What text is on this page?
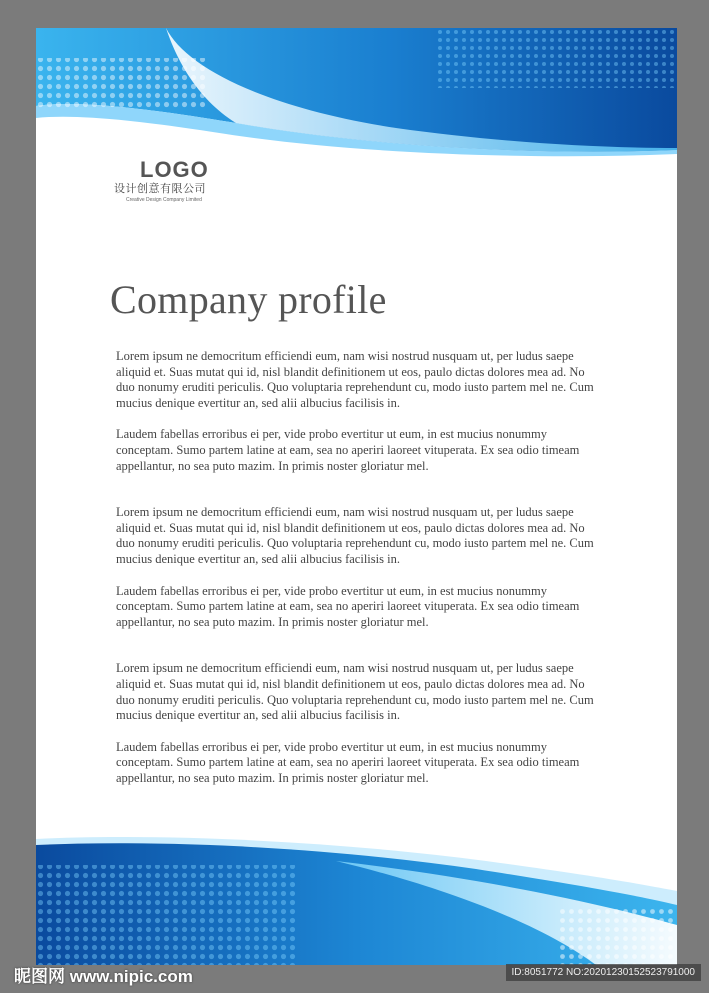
LOGO
设计创意有限公司
Creative Design Company Limited
Company profile

Lorem ipsum ne democritum efficiendi eum, nam wisi nostrud nusquam ut, per ludus saepe aliquid et. Suas mutat qui id, nisl blandit definitionem ut eos, paulo dictas dolores mea ad. No duo nonumy eruditi periculis. Quo voluptaria reprehendunt cu, modo iusto partem mel ne. Cum mucius denique evertitur an, sed alii albucius facilisis in.

Laudem fabellas erroribus ei per, vide probo evertitur ut eum, in est mucius nonummy conceptam. Sumo partem latine at eam, sea no aperiri laoreet vituperata. Ex sea odio timeam appellantur, no sea puto mazim. In primis noster gloriatur mel.

Lorem ipsum ne democritum efficiendi eum, nam wisi nostrud nusquam ut, per ludus saepe aliquid et. Suas mutat qui id, nisl blandit definitionem ut eos, paulo dictas dolores mea ad. No duo nonumy eruditi periculis. Quo voluptaria reprehendunt cu, modo iusto partem mel ne. Cum mucius denique evertitur an, sed alii albucius facilisis in.

Laudem fabellas erroribus ei per, vide probo evertitur ut eum, in est mucius nonummy conceptam. Sumo partem latine at eam, sea no aperiri laoreet vituperata. Ex sea odio timeam appellantur, no sea puto mazim. In primis noster gloriatur mel.

Lorem ipsum ne democritum efficiendi eum, nam wisi nostrud nusquam ut, per ludus saepe aliquid et. Suas mutat qui id, nisl blandit definitionem ut eos, paulo dictas dolores mea ad. No duo nonumy eruditi periculis. Quo voluptaria reprehendunt cu, modo iusto partem mel ne. Cum mucius denique evertitur an, sed alii albucius facilisis in.

Laudem fabellas erroribus ei per, vide probo evertitur ut eum, in est mucius nonummy conceptam. Sumo partem latine at eam, sea no aperiri laoreet vituperata. Ex sea odio timeam appellantur, no sea puto mazim. In primis noster gloriatur mel.

昵图网 www.nipic.com	ID:8051772 NO:20201230152523791000
